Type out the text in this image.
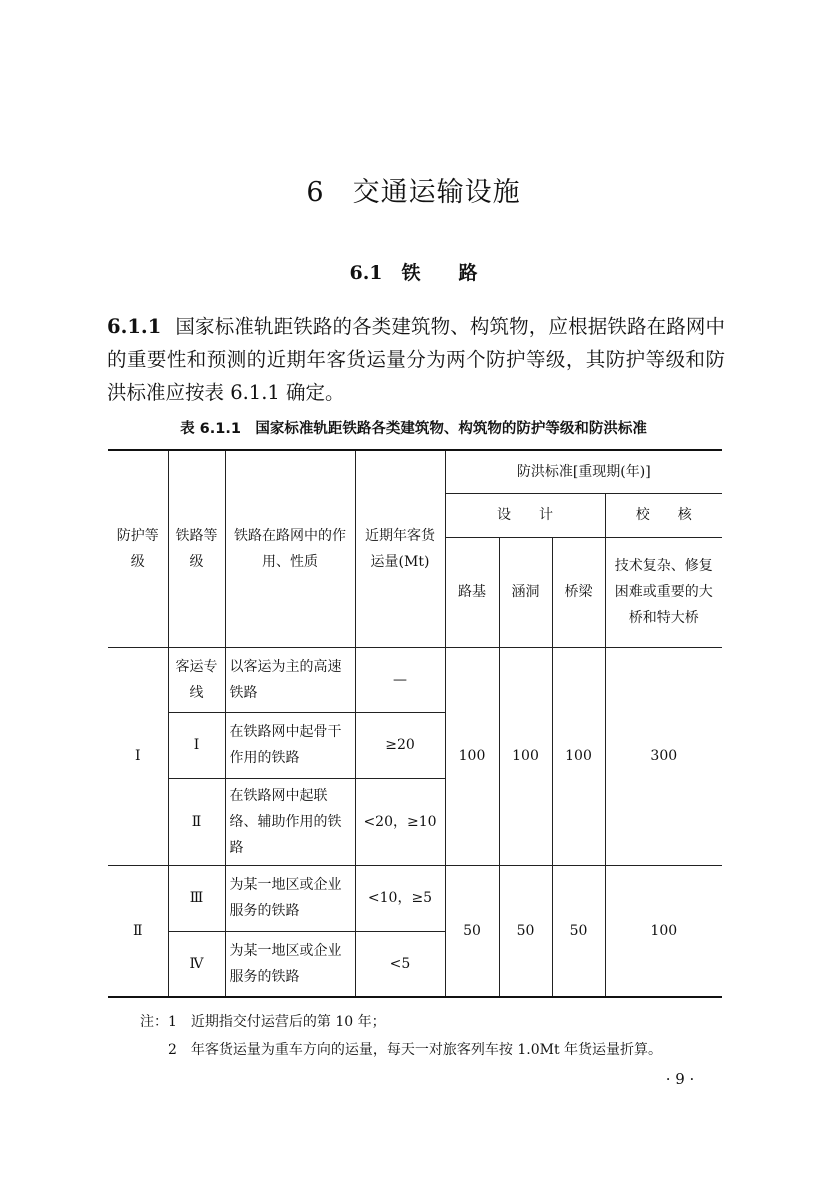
6　交通运输设施
6.1　铁　　路
6.1.1 国家标准轨距铁路的各类建筑物、构筑物，应根据铁路在路网中的重要性和预测的近期年客货运量分为两个防护等级，其防护等级和防洪标准应按表 6.1.1 确定。
表 6.1.1　国家标准轨距铁路各类建筑物、构筑物的防护等级和防洪标准
防护等级	铁路等级	铁路在路网中的作用、性质	近期年客货运量(Mt)	防洪标准[重现期(年)]			
				设　　计			校　　核
				路基	涵洞	桥梁	技术复杂、修复困难或重要的大桥和特大桥
Ⅰ	客运专线	以客运为主的高速铁路	—	100	100	100	300
	Ⅰ	在铁路网中起骨干作用的铁路	≥20				
	Ⅱ	在铁路网中起联络、辅助作用的铁路	<20，≥10				
Ⅱ	Ⅲ	为某一地区或企业服务的铁路	<10，≥5	50	50	50	100
	Ⅳ	为某一地区或企业服务的铁路	<5				
注：1　近期指交付运营后的第 10 年；
2　年客货运量为重车方向的运量，每天一对旅客列车按 1.0Mt 年货运量折算。
· 9 ·
